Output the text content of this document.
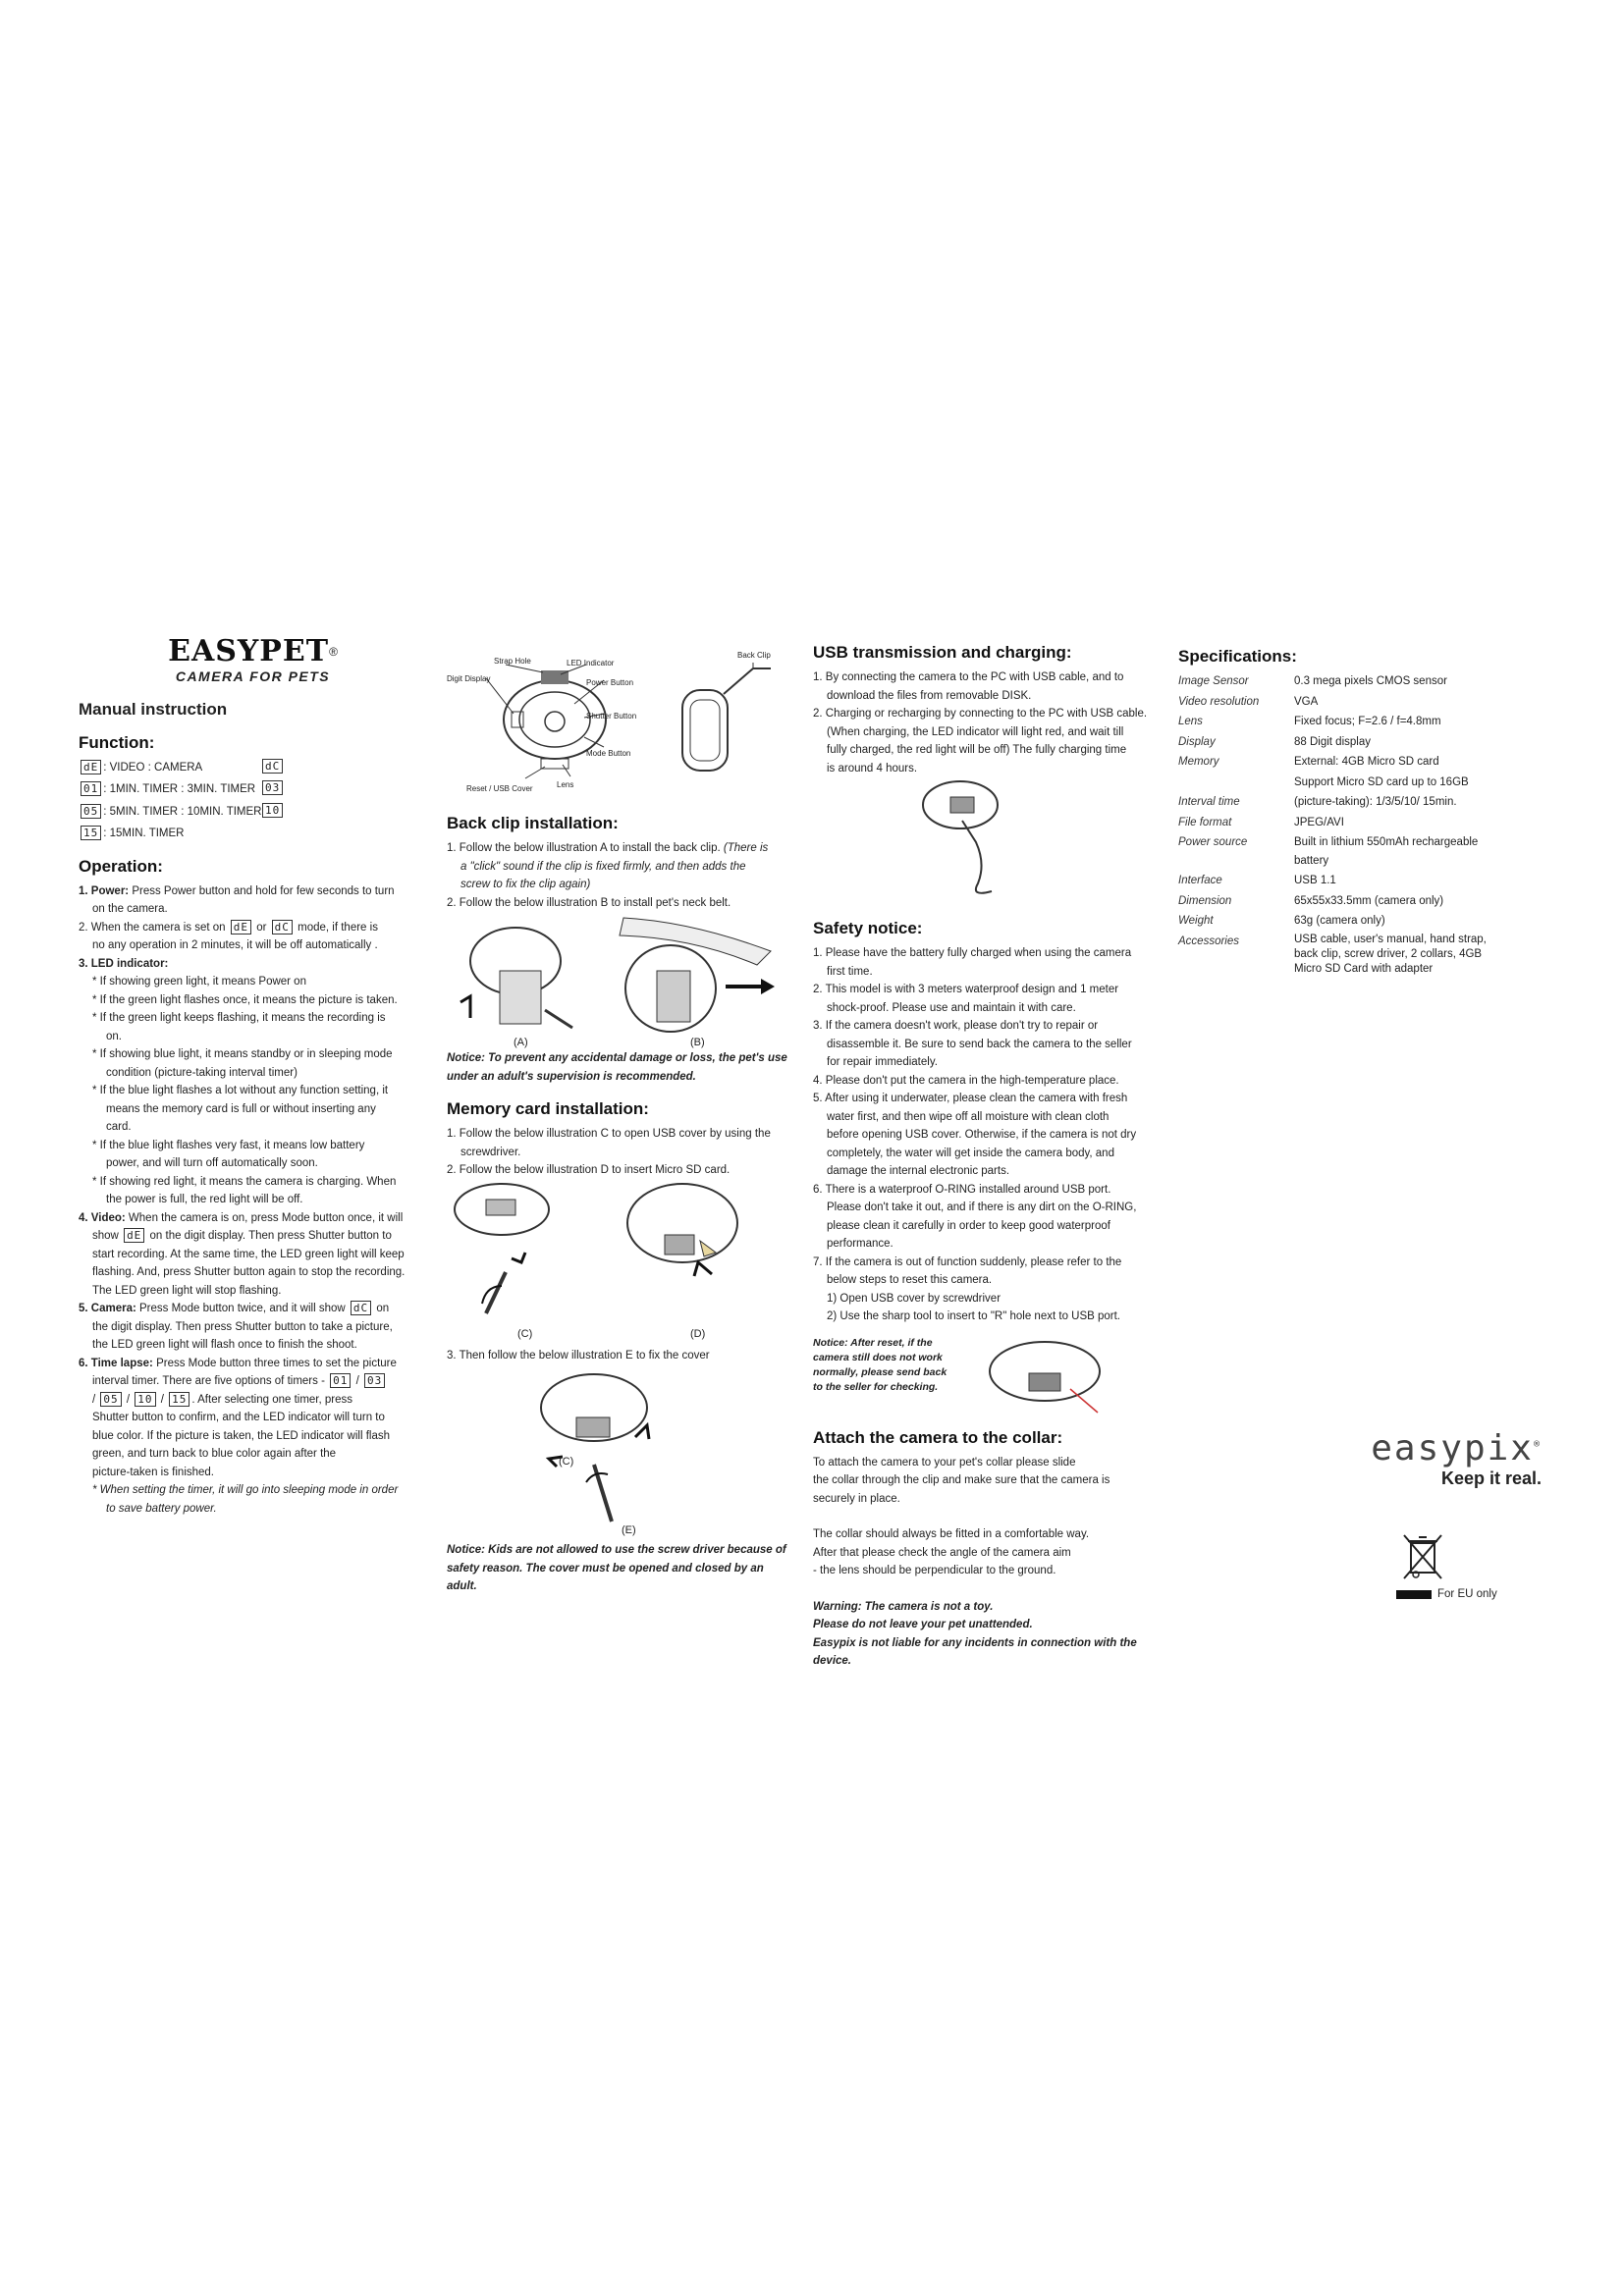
EASYPET®
CAMERA FOR PETS
Manual instruction
Function:
dE : VIDEO : CAMERA	dC
01 : 1MIN. TIMER : 3MIN. TIMER 03
05 : 5MIN. TIMER : 10MIN. TIMER 10
15 : 15MIN. TIMER
Operation:
1. Power: Press Power button and hold for few seconds to turn
on the camera.
2. When the camera is set on dE or dC mode, if there is
no any operation in 2 minutes, it will be off automatically .
3. LED indicator:
* If showing green light, it means Power on
* If the green light flashes once, it means the picture is taken.
* If the green light keeps flashing, it means the recording is
on.
* If showing blue light, it means standby or in sleeping mode
condition (picture-taking interval timer)
* If the blue light flashes a lot without any function setting, it
means the memory card is full or without inserting any
card.
* If the blue light flashes very fast, it means low battery
power, and will turn off automatically soon.
* If showing red light, it means the camera is charging. When
the power is full, the red light will be off.
4. Video: When the camera is on, press Mode button once, it will
show dE on the digit display. Then press Shutter button to
start recording. At the same time, the LED green light will keep
flashing. And, press Shutter button again to stop the recording.
The LED green light will stop flashing.
5. Camera: Press Mode button twice, and it will show dC on
the digit display. Then press Shutter button to take a picture,
the LED green light will flash once to finish the shoot.
6. Time lapse: Press Mode button three times to set the picture
interval timer. There are five options of timers - 01 / 03
/ 05 / 10 / 15 . After selecting one timer, press
Shutter button to confirm, and the LED indicator will turn to
blue color. If the picture is taken, the LED indicator will flash
green, and turn back to blue color again after the
picture-taken is finished.
* When setting the timer, it will go into sleeping mode in order
to save battery power.
Strap Hole	LED Indicator
Digit Display	Power Button
Shutter Button
Mode Button
Reset / USB Cover	Lens
Back Clip
Back clip installation:
1. Follow the below illustration A to install the back clip. (There is
a "click" sound if the clip is fixed firmly, and then adds the
screw to fix the clip again)
2. Follow the below illustration B to install pet's neck belt.
(A)	(B)
Notice: To prevent any accidental damage or loss, the pet's use
under an adult's supervision is recommended.
Memory card installation:
1. Follow the below illustration C to open USB cover by using the
screwdriver.
2. Follow the below illustration D to insert Micro SD card.
(C)	(D)
3. Then follow the below illustration E to fix the cover
(C)
(E)
Notice: Kids are not allowed to use the screw driver because of
safety reason. The cover must be opened and closed by an
adult.
USB transmission and charging:
1. By connecting the camera to the PC with USB cable, and to
download the files from removable DISK.
2. Charging or recharging by connecting to the PC with USB cable.
(When charging, the LED indicator will light red, and wait till
fully charged, the red light will be off) The fully charging time
is around 4 hours.
Safety notice:
1. Please have the battery fully charged when using the camera
first time.
2. This model is with 3 meters waterproof design and 1 meter
shock-proof. Please use and maintain it with care.
3. If the camera doesn't work, please don't try to repair or
disassemble it. Be sure to send back the camera to the seller
for repair immediately.
4. Please don't put the camera in the high-temperature place.
5. After using it underwater, please clean the camera with fresh
water first, and then wipe off all moisture with clean cloth
before opening USB cover. Otherwise, if the camera is not dry
completely, the water will get inside the camera body, and
damage the internal electronic parts.
6. There is a waterproof O-RING installed around USB port.
Please don't take it out, and if there is any dirt on the O-RING,
please clean it carefully in order to keep good waterproof
performance.
7. If the camera is out of function suddenly, please refer to the
below steps to reset this camera.
1) Open USB cover by screwdriver
2) Use the sharp tool to insert to "R" hole next to USB port.
Notice: After reset, if the
camera still does not work
normally, please send back
to the seller for checking.
Attach the camera to the collar:
To attach the camera to your pet's collar please slide
the collar through the clip and make sure that the camera is
securely in place.
The collar should always be fitted in a comfortable way.
After that please check the angle of the camera aim
- the lens should be perpendicular to the ground.
Warning: The camera is not a toy.
Please do not leave your pet unattended.
Easypix is not liable for any incidents in connection with the
device.
Specifications:
Image Sensor	0.3 mega pixels CMOS sensor
Video resolution	VGA
Lens	Fixed focus; F=2.6 / f=4.8mm
Display	88 Digit display
Memory	External: 4GB Micro SD card
Support Micro SD card up to 16GB
Interval time	(picture-taking): 1/3/5/10/ 15min.
File format	JPEG/AVI
Power source	Built in lithium 550mAh rechargeable battery
Interface	USB 1.1
Dimension	65x55x33.5mm (camera only)
Weight	63g (camera only)
Accessories	USB cable, user's manual, hand strap, back clip, screw driver, 2 collars, 4GB Micro SD Card with adapter
easypix®
Keep it real.
For EU only
